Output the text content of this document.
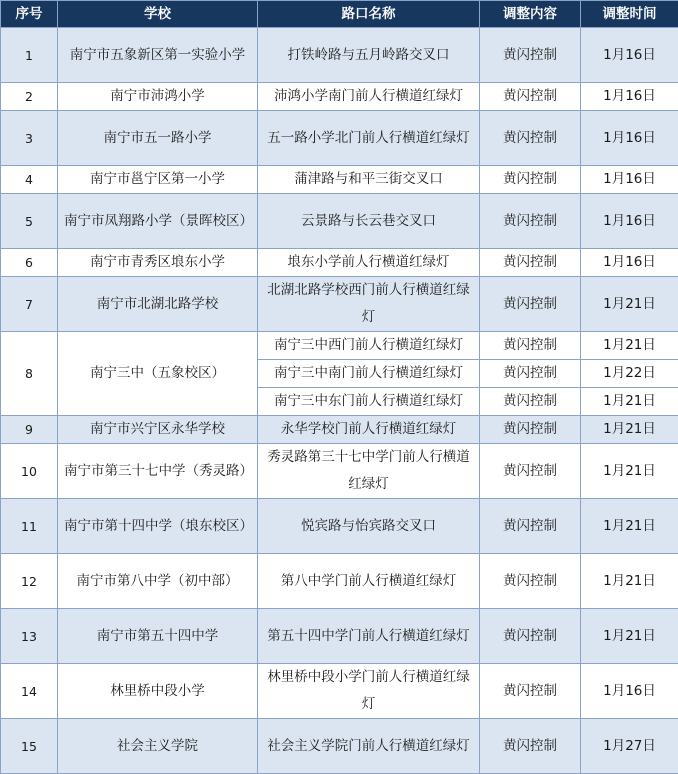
序号	学校	路口名称	调整内容	调整时间
1	南宁市五象新区第一实验小学	打铁岭路与五月岭路交叉口	黄闪控制	1月16日
2	南宁市沛鸿小学	沛鸿小学南门前人行横道红绿灯	黄闪控制	1月16日
3	南宁市五一路小学	五一路小学北门前人行横道红绿灯	黄闪控制	1月16日
4	南宁市邕宁区第一小学	蒲津路与和平三街交叉口	黄闪控制	1月16日
5	南宁市凤翔路小学（景晖校区）	云景路与长云巷交叉口	黄闪控制	1月16日
6	南宁市青秀区埌东小学	埌东小学前人行横道红绿灯	黄闪控制	1月16日
7	南宁市北湖北路学校	北湖北路学校西门前人行横道红绿灯	黄闪控制	1月21日
8	南宁三中（五象校区）	南宁三中西门前人行横道红绿灯	黄闪控制	1月21日
		南宁三中南门前人行横道红绿灯	黄闪控制	1月22日
		南宁三中东门前人行横道红绿灯	黄闪控制	1月21日
9	南宁市兴宁区永华学校	永华学校门前人行横道红绿灯	黄闪控制	1月21日
10	南宁市第三十七中学（秀灵路）	秀灵路第三十七中学门前人行横道红绿灯	黄闪控制	1月21日
11	南宁市第十四中学（埌东校区）	悦宾路与怡宾路交叉口	黄闪控制	1月21日
12	南宁市第八中学（初中部）	第八中学门前人行横道红绿灯	黄闪控制	1月21日
13	南宁市第五十四中学	第五十四中学门前人行横道红绿灯	黄闪控制	1月21日
14	林里桥中段小学	林里桥中段小学门前人行横道红绿灯	黄闪控制	1月16日
15	社会主义学院	社会主义学院门前人行横道红绿灯	黄闪控制	1月27日
